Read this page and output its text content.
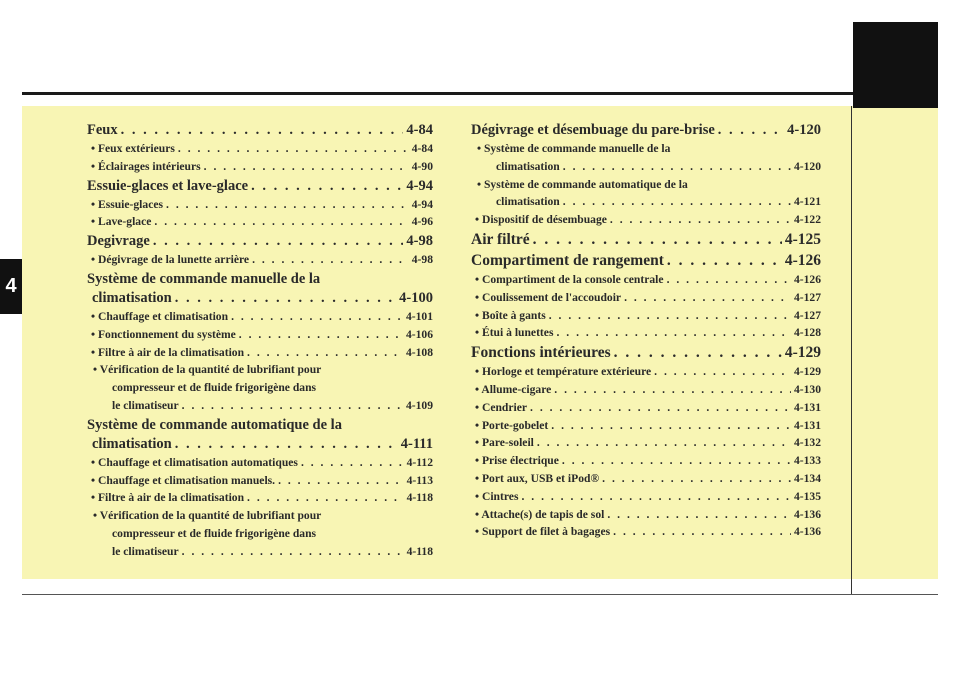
4
Feux . . .	4-84
• Feux extérieurs . . .	4-84
• Éclairages intérieurs . . .	4-90
Essuie-glaces et lave-glace . . .	4-94
• Essuie-glaces . . .	4-94
• Lave-glace . . .	4-96
Degivrage . . .	4-98
• Dégivrage de la lunette arrière . . .	4-98
Système de commande manuelle de la
climatisation . . .	4-100
• Chauffage et climatisation . . .	4-101
• Fonctionnement du système . . .	4-106
• Filtre à air de la climatisation . . .	4-108
• Vérification de la quantité de lubrifiant pour
compresseur et de fluide frigorigène dans
le climatiseur . . .	4-109
Système de commande automatique de la
climatisation . . .	4-111
• Chauffage et climatisation automatiques . . .	4-112
• Chauffage et climatisation manuels. . . .	4-113
• Filtre à air de la climatisation . . .	4-118
• Vérification de la quantité de lubrifiant pour
compresseur et de fluide frigorigène dans
le climatiseur . . .	4-118
Dégivrage et désembuage du pare-brise . . .	4-120
• Système de commande manuelle de la
climatisation . . .	4-120
• Système de commande automatique de la
climatisation . . .	4-121
• Dispositif de désembuage . . .	4-122
Air filtré . . .	4-125
Compartiment de rangement . . .	4-126
• Compartiment de la console centrale . . .	4-126
• Coulissement de l'accoudoir . . .	4-127
• Boîte à gants . . .	4-127
• Étui à lunettes . . .	4-128
Fonctions intérieures . . .	4-129
• Horloge et température extérieure . . .	4-129
• Allume-cigare . . .	4-130
• Cendrier . . .	4-131
• Porte-gobelet . . .	4-131
• Pare-soleil . . .	4-132
• Prise électrique . . .	4-133
• Port aux, USB et iPod® . . .	4-134
• Cintres . . .	4-135
• Attache(s) de tapis de sol . . .	4-136
• Support de filet à bagages . . .	4-136
